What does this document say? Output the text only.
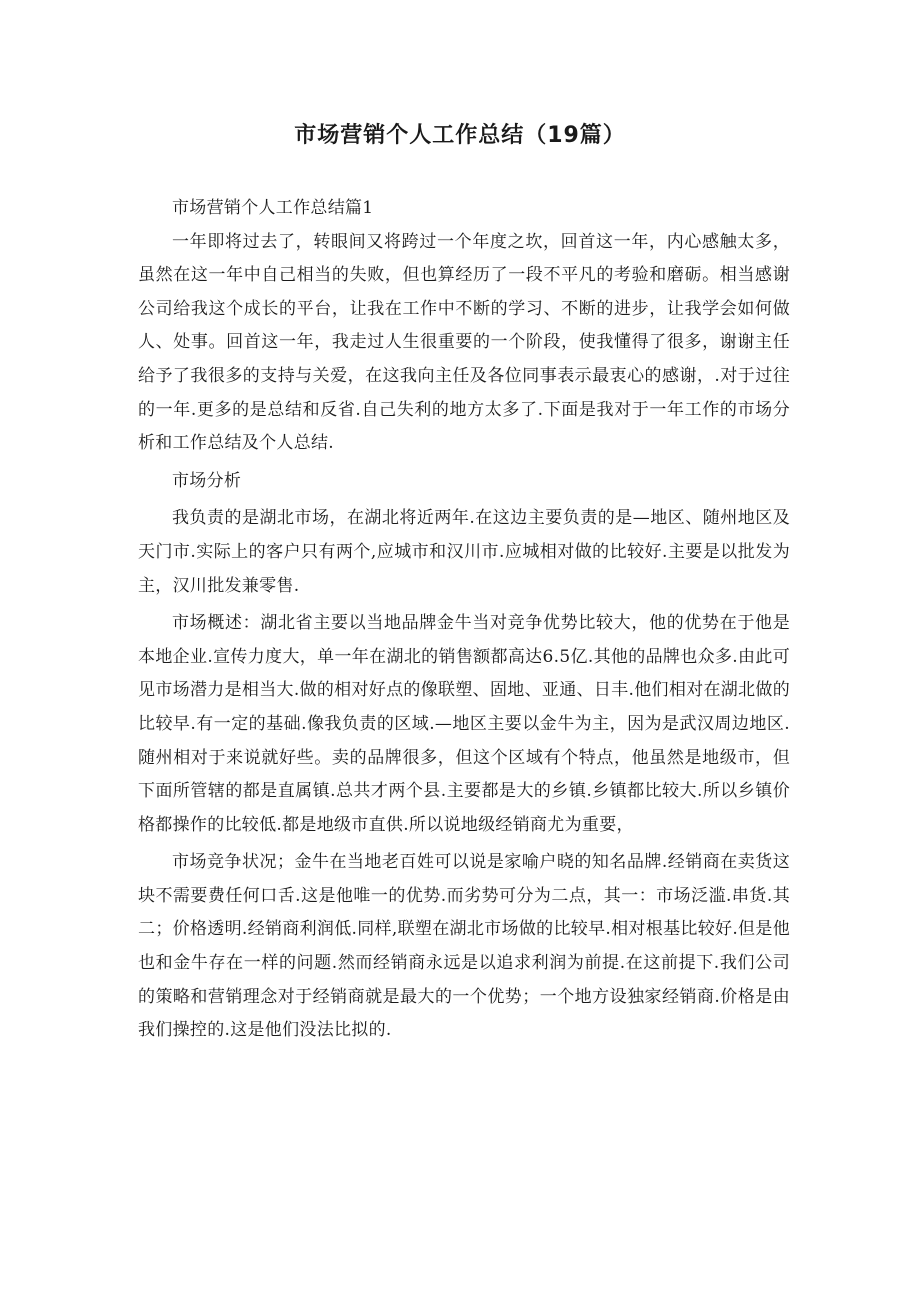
市场营销个人工作总结（19篇）

市场营销个人工作总结篇1

一年即将过去了，转眼间又将跨过一个年度之坎，回首这一年，内心感触太多，虽然在这一年中自己相当的失败，但也算经历了一段不平凡的考验和磨砺。相当感谢公司给我这个成长的平台，让我在工作中不断的学习、不断的进步，让我学会如何做人、处事。回首这一年，我走过人生很重要的一个阶段，使我懂得了很多，谢谢主任给予了我很多的支持与关爱，在这我向主任及各位同事表示最衷心的感谢，.对于过往的一年.更多的是总结和反省.自己失利的地方太多了.下面是我对于一年工作的市场分析和工作总结及个人总结.

市场分析

我负责的是湖北市场，在湖北将近两年.在这边主要负责的是—地区、随州地区及天门市.实际上的客户只有两个,应城市和汉川市.应城相对做的比较好.主要是以批发为主，汉川批发兼零售.

市场概述：湖北省主要以当地品牌金牛当对竞争优势比较大，他的优势在于他是本地企业.宣传力度大，单一年在湖北的销售额都高达6.5亿.其他的品牌也众多.由此可见市场潜力是相当大.做的相对好点的像联塑、固地、亚通、日丰.他们相对在湖北做的比较早.有一定的基础.像我负责的区域.—地区主要以金牛为主，因为是武汉周边地区.随州相对于来说就好些。卖的品牌很多，但这个区域有个特点，他虽然是地级市，但下面所管辖的都是直属镇.总共才两个县.主要都是大的乡镇.乡镇都比较大.所以乡镇价格都操作的比较低.都是地级市直供.所以说地级经销商尤为重要，

市场竞争状况；金牛在当地老百姓可以说是家喻户晓的知名品牌.经销商在卖货这块不需要费任何口舌.这是他唯一的优势.而劣势可分为二点，其一：市场泛滥.串货.其二；价格透明.经销商利润低.同样,联塑在湖北市场做的比较早.相对根基比较好.但是他也和金牛存在一样的问题.然而经销商永远是以追求利润为前提.在这前提下.我们公司的策略和营销理念对于经销商就是最大的一个优势；一个地方设独家经销商.价格是由我们操控的.这是他们没法比拟的.
